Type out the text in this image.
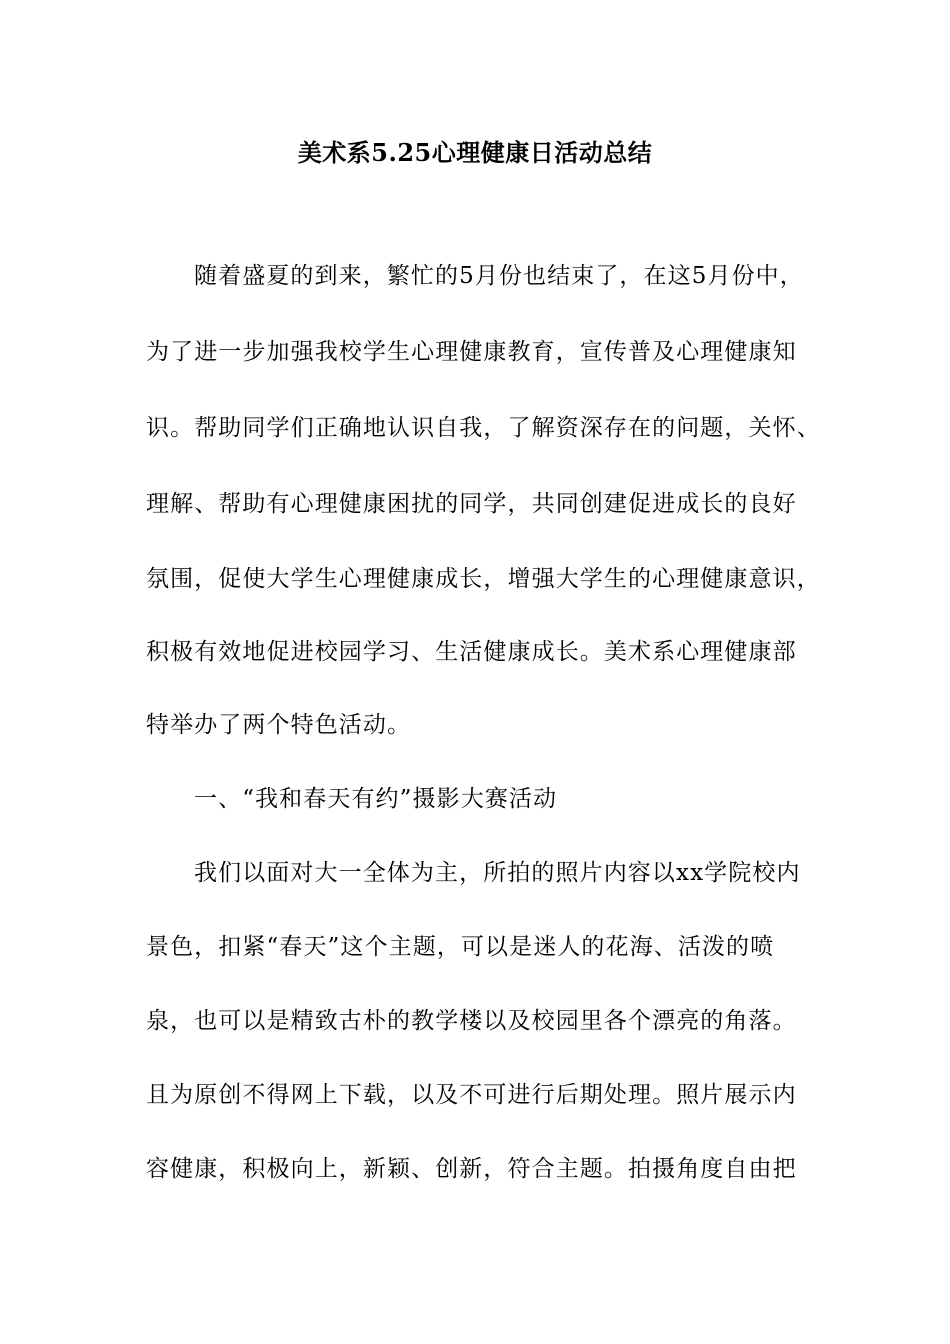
美术系5.25心理健康日活动总结
随着盛夏的到来，繁忙的5月份也结束了，在这5月份中，
为了进一步加强我校学生心理健康教育，宣传普及心理健康知
识。帮助同学们正确地认识自我，了解资深存在的问题，关怀、
理解、帮助有心理健康困扰的同学，共同创建促进成长的良好
氛围，促使大学生心理健康成长，增强大学生的心理健康意识，
积极有效地促进校园学习、生活健康成长。美术系心理健康部
特举办了两个特色活动。
一、“我和春天有约”摄影大赛活动
我们以面对大一全体为主，所拍的照片内容以xx学院校内
景色，扣紧“春天”这个主题，可以是迷人的花海、活泼的喷
泉，也可以是精致古朴的教学楼以及校园里各个漂亮的角落。
且为原创不得网上下载，以及不可进行后期处理。照片展示内
容健康，积极向上，新颖、创新，符合主题。拍摄角度自由把
